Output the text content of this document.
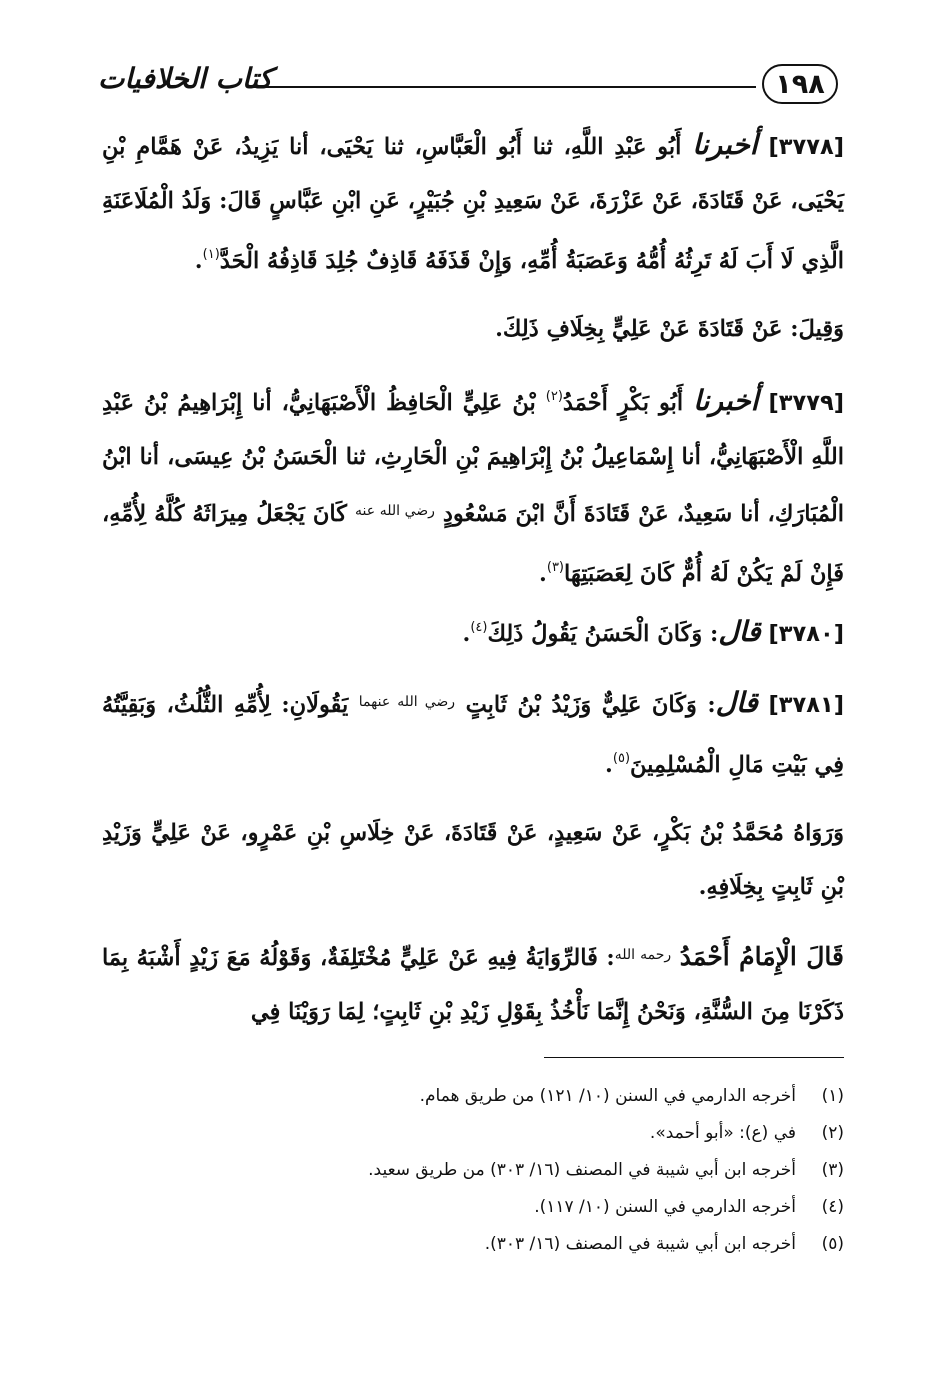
١٩٨
كتاب الخلافيات

[٣٧٧٨] أخبرنا أَبُو عَبْدِ اللَّهِ، ثنا أَبُو الْعَبَّاسِ، ثنا يَحْيَى، أنا يَزِيدُ، عَنْ هَمَّامِ بْنِ يَحْيَى، عَنْ قَتَادَةَ، عَنْ عَزْرَةَ، عَنْ سَعِيدِ بْنِ جُبَيْرٍ، عَنِ ابْنِ عَبَّاسٍ قَالَ: وَلَدُ الْمُلَاعَنَةِ الَّذِي لَا أَبَ لَهُ تَرِثُهُ أُمُّهُ وَعَصَبَةُ أُمِّهِ، وَإِنْ قَذَفَهُ قَاذِفٌ جُلِدَ قَاذِفُهُ الْحَدَّ$^{(١)}$.

وَقِيلَ: عَنْ قَتَادَةَ عَنْ عَلِيٍّ بِخِلَافِ ذَلِكَ.

[٣٧٧٩] أخبرنا أَبُو بَكْرٍ أَحْمَدُ$^{(٢)}$ بْنُ عَلِيٍّ الْحَافِظُ الْأَصْبَهَانِيُّ، أنا إِبْرَاهِيمُ بْنُ عَبْدِ اللَّهِ الْأَصْبَهَانِيُّ، أنا إِسْمَاعِيلُ بْنُ إِبْرَاهِيمَ بْنِ الْحَارِثِ، ثنا الْحَسَنُ بْنُ عِيسَى، أنا ابْنُ الْمُبَارَكِ، أنا سَعِيدٌ، عَنْ قَتَادَةَ أَنَّ ابْنَ مَسْعُودٍ $^{رضي الله عنه}$ كَانَ يَجْعَلُ مِيرَاثَهُ كُلَّهُ لِأُمِّهِ، فَإِنْ لَمْ يَكُنْ لَهُ أُمٌّ كَانَ لِعَصَبَتِهَا$^{(٣)}$.

[٣٧٨٠] قال: وَكَانَ الْحَسَنُ يَقُولُ ذَلِكَ$^{(٤)}$.

[٣٧٨١] قال: وَكَانَ عَلِيٌّ وَزَيْدُ بْنُ ثَابِتٍ $^{رضي الله عنهما}$ يَقُولَانِ: لِأُمِّهِ الثُّلُثُ، وَبَقِيَّتُهُ فِي بَيْتِ مَالِ الْمُسْلِمِينَ$^{(٥)}$.

وَرَوَاهُ مُحَمَّدُ بْنُ بَكْرٍ، عَنْ سَعِيدٍ، عَنْ قَتَادَةَ، عَنْ خِلَاسِ بْنِ عَمْرٍو، عَنْ عَلِيٍّ وَزَيْدِ بْنِ ثَابِتٍ بِخِلَافِهِ.

قَالَ الْإِمَامُ أَحْمَدُ $^{رحمه الله}$: فَالرِّوَايَةُ فِيهِ عَنْ عَلِيٍّ مُخْتَلِفَةٌ، وَقَوْلُهُ مَعَ زَيْدٍ أَشْبَهُ بِمَا ذَكَرْنَا مِنَ السُّنَّةِ، وَنَحْنُ إِنَّمَا نَأْخُذُ بِقَوْلِ زَيْدِ بْنِ ثَابِتٍ؛ لِمَا رَوَيْنَا فِي

(١)
أخرجه الدارمي في السنن (١٠/ ١٢١) من طريق همام.
(٢)
في (ع): «أبو أحمد».
(٣)
أخرجه ابن أبي شيبة في المصنف (١٦/ ٣٠٣) من طريق سعيد.
(٤)
أخرجه الدارمي في السنن (١٠/ ١١٧).
(٥)
أخرجه ابن أبي شيبة في المصنف (١٦/ ٣٠٣).
